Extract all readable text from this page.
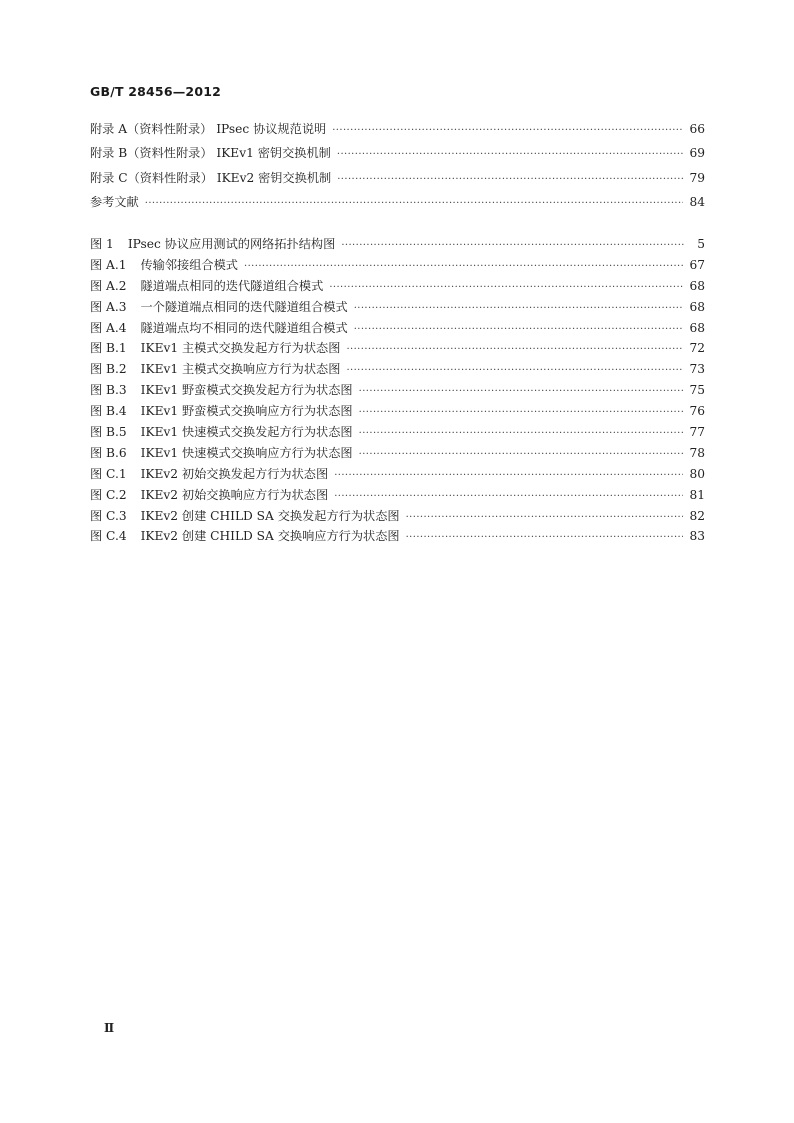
GB/T 28456—2012
附录 A（资料性附录） IPsec 协议规范说明 ·····	66
附录 B（资料性附录） IKEv1 密钥交换机制 ·····	69
附录 C（资料性附录） IKEv2 密钥交换机制 ·····	79
参考文献 ·····	84
图 1 IPsec 协议应用测试的网络拓扑结构图 ·····	5
图 A.1 传输邻接组合模式 ·····	67
图 A.2 隧道端点相同的迭代隧道组合模式 ·····	68
图 A.3 一个隧道端点相同的迭代隧道组合模式 ·····	68
图 A.4 隧道端点均不相同的迭代隧道组合模式 ·····	68
图 B.1 IKEv1 主模式交换发起方行为状态图 ·····	72
图 B.2 IKEv1 主模式交换响应方行为状态图 ·····	73
图 B.3 IKEv1 野蛮模式交换发起方行为状态图 ·····	75
图 B.4 IKEv1 野蛮模式交换响应方行为状态图 ·····	76
图 B.5 IKEv1 快速模式交换发起方行为状态图 ·····	77
图 B.6 IKEv1 快速模式交换响应方行为状态图 ·····	78
图 C.1 IKEv2 初始交换发起方行为状态图 ·····	80
图 C.2 IKEv2 初始交换响应方行为状态图 ·····	81
图 C.3 IKEv2 创建 CHILD SA 交换发起方行为状态图 ·····	82
图 C.4 IKEv2 创建 CHILD SA 交换响应方行为状态图 ·····	83
Ⅱ
